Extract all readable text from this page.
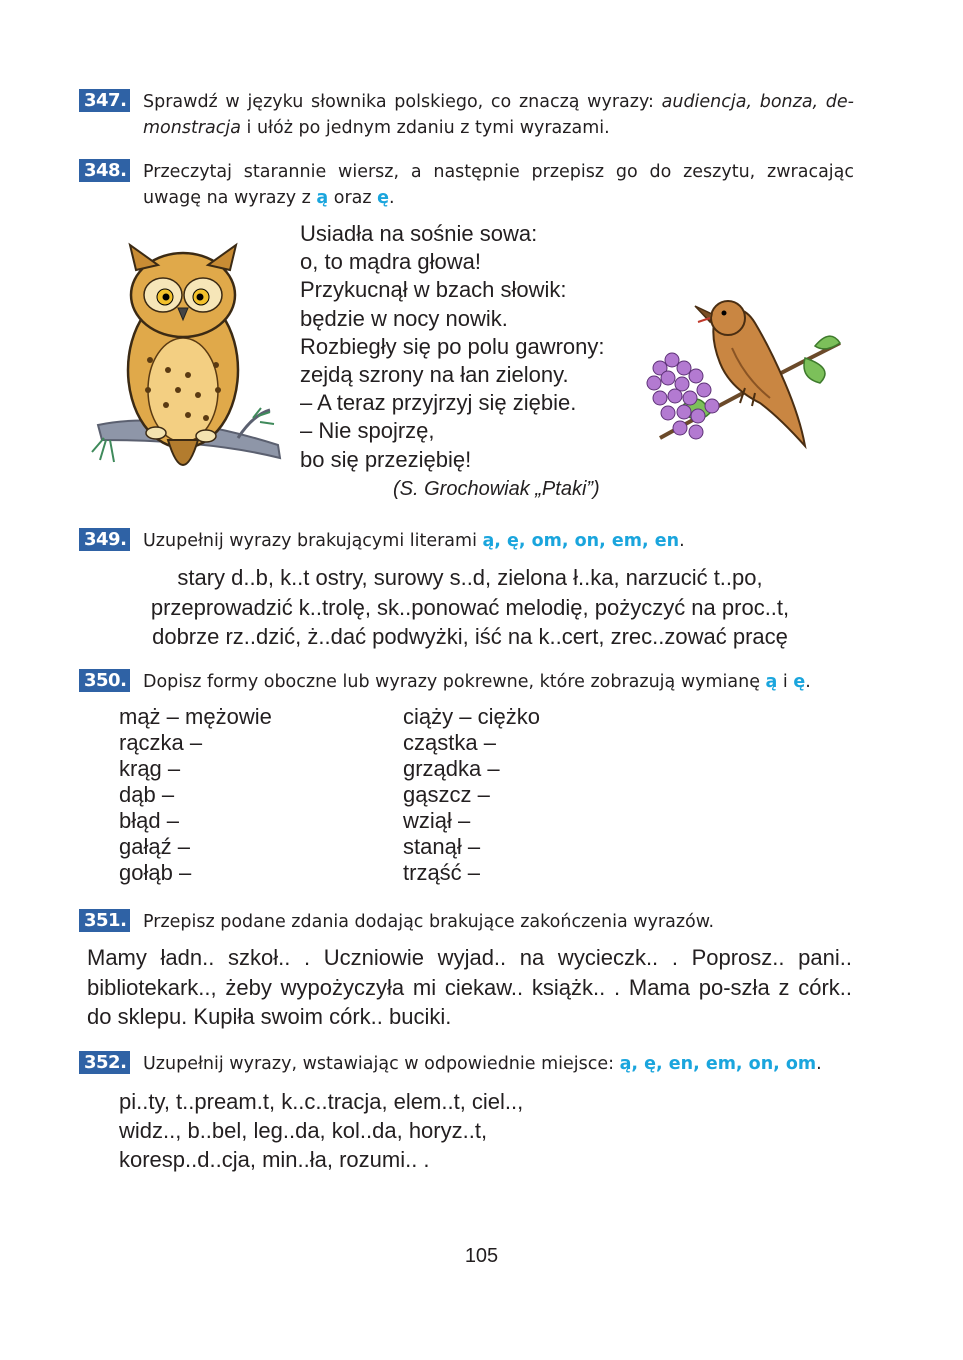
347. Sprawdź w języku słownika polskiego, co znaczą wyrazy: audiencja, bonza, de- monstracja i ułóż po jednym zdaniu z tymi wyrazami.
348. Przeczytaj starannie wiersz, a następnie przepisz go do zeszytu, zwracając uwagę na wyrazy z ą oraz ę.
Usiadła na sośnie sowa:
o, to mądra głowa!
Przykucnął w bzach słowik:
będzie w nocy nowik.
Rozbiegły się po polu gawrony:
zejdą szrony na łan zielony.
– A teraz przyjrzyj się ziębie.
– Nie spojrzę,
bo się przeziębię!
(S. Grochowiak „Ptaki”)
349. Uzupełnij wyrazy brakującymi literami ą, ę, om, on, em, en.
stary d..b, k..t ostry, surowy s..d, zielona ł..ka, narzucić t..po,
przeprowadzić k..trolę, sk..ponować melodię, pożyczyć na proc..t,
dobrze rz..dzić, ż..dać podwyżki, iść na k..cert, zrec..zować pracę
350. Dopisz formy oboczne lub wyrazy pokrewne, które zobrazują wymianę ą i ę.
mąż – mężowie
rączka –
krąg –
dąb –
błąd –
gałąź –
gołąb –
ciąży – ciężko
cząstka –
grządka –
gąszcz –
wziął –
stanął –
trząść –
351. Przepisz podane zdania dodając brakujące zakończenia wyrazów.
Mamy ładn.. szkoł.. . Uczniowie wyjad.. na wycieczk.. . Poprosz.. pani.. bibliotekark.., żeby wypożyczyła mi ciekaw.. książk.. . Mama po-szła z córk.. do sklepu. Kupiła swoim córk.. buciki.
352. Uzupełnij wyrazy, wstawiając w odpowiednie miejsce: ą, ę, en, em, on, om.
pi..ty, t..pream.t, k..c..tracja, elem..t, ciel..,
widz.., b..bel, leg..da, kol..da, horyz..t,
koresp..d..cja, min..ła, rozumi.. .
105
